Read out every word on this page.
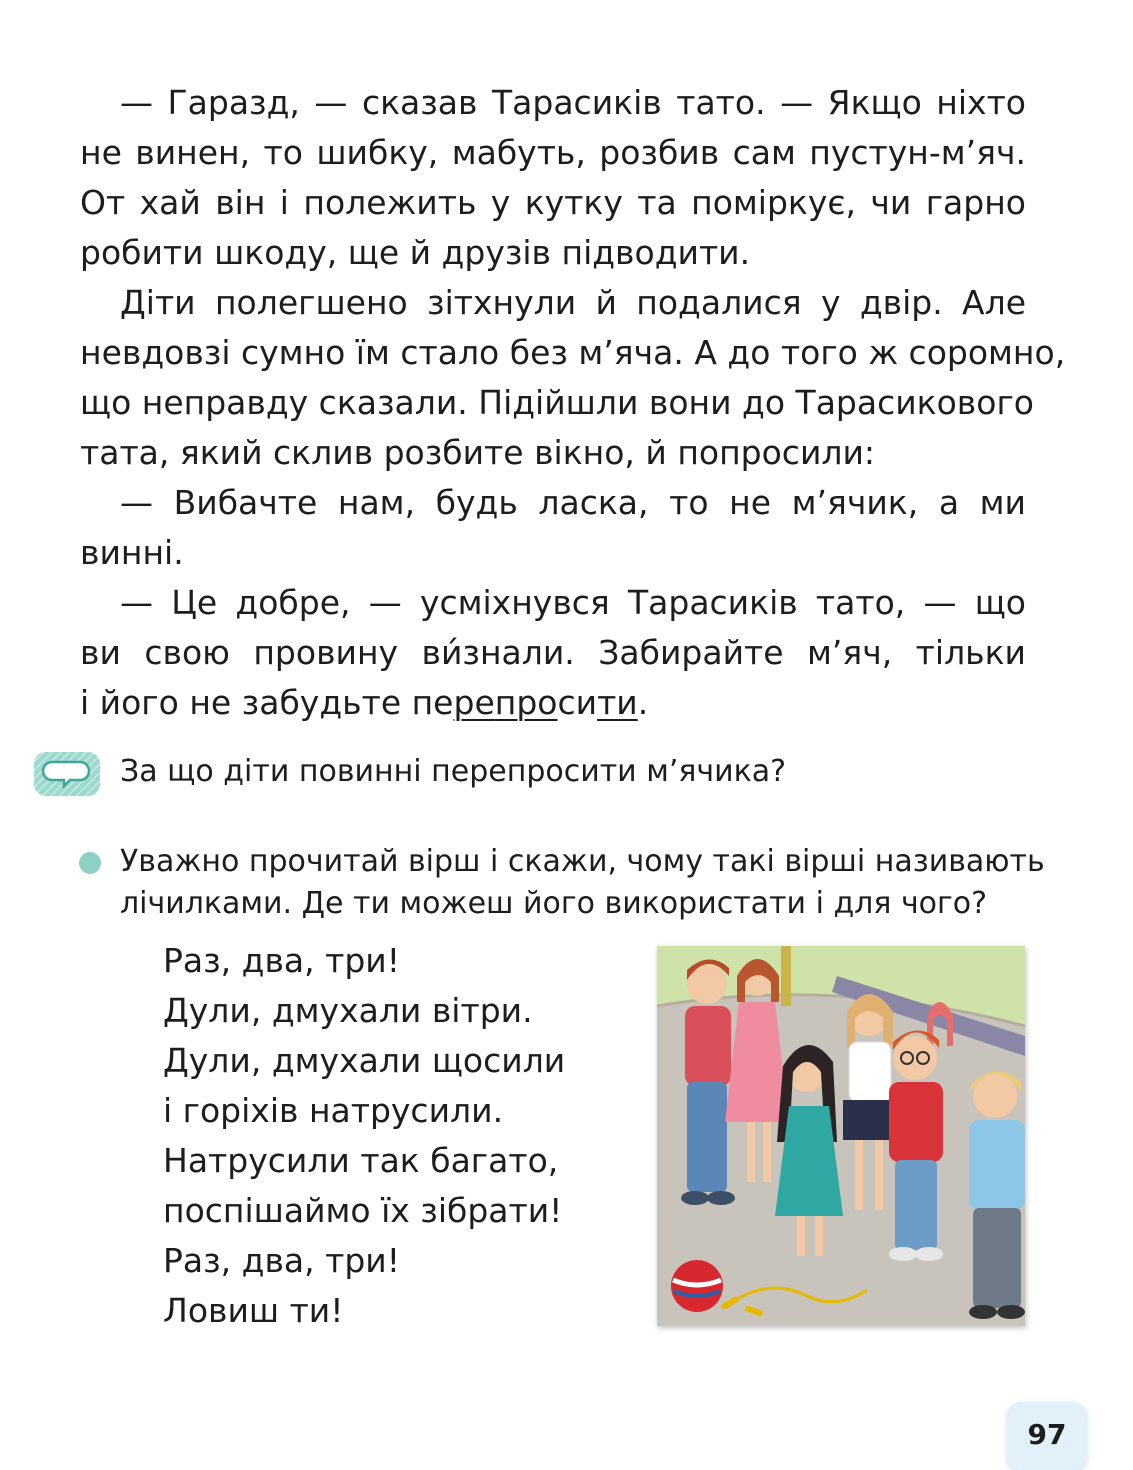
— Гаразд, — сказав Тарасиків тато. — Якщо ніхто
не винен, то шибку, мабуть, розбив сам пустун-м’яч.
От хай він і полежить у кутку та поміркує, чи гарно
робити шкоду, ще й друзів підводити.
Діти полегшено зітхнули й подалися у двір. Але
невдовзі сумно їм стало без м’яча. А до того ж соромно,
що неправду сказали. Підійшли вони до Тарасикового
тата, який склив розбите вікно, й попросили:
— Вибачте нам, будь ласка, то не м’ячик, а ми
винні.
— Це добре, — усміхнувся Тарасиків тато, — що
ви свою провину ви́знали. Забирайте м’яч, тільки
і його не забудьте перепросити.
За що діти повинні перепросити м’ячика?
Уважно прочитай вірш і скажи, чому такі вірші називають
лічилками. Де ти можеш його використати і для чого?
Раз, два, три!
Дули, дмухали вітри.
Дули, дмухали щосили
і горіхів натрусили.
Натрусили так багато,
поспішаймо їх зібрати!
Раз, два, три!
Ловиш ти!
97
